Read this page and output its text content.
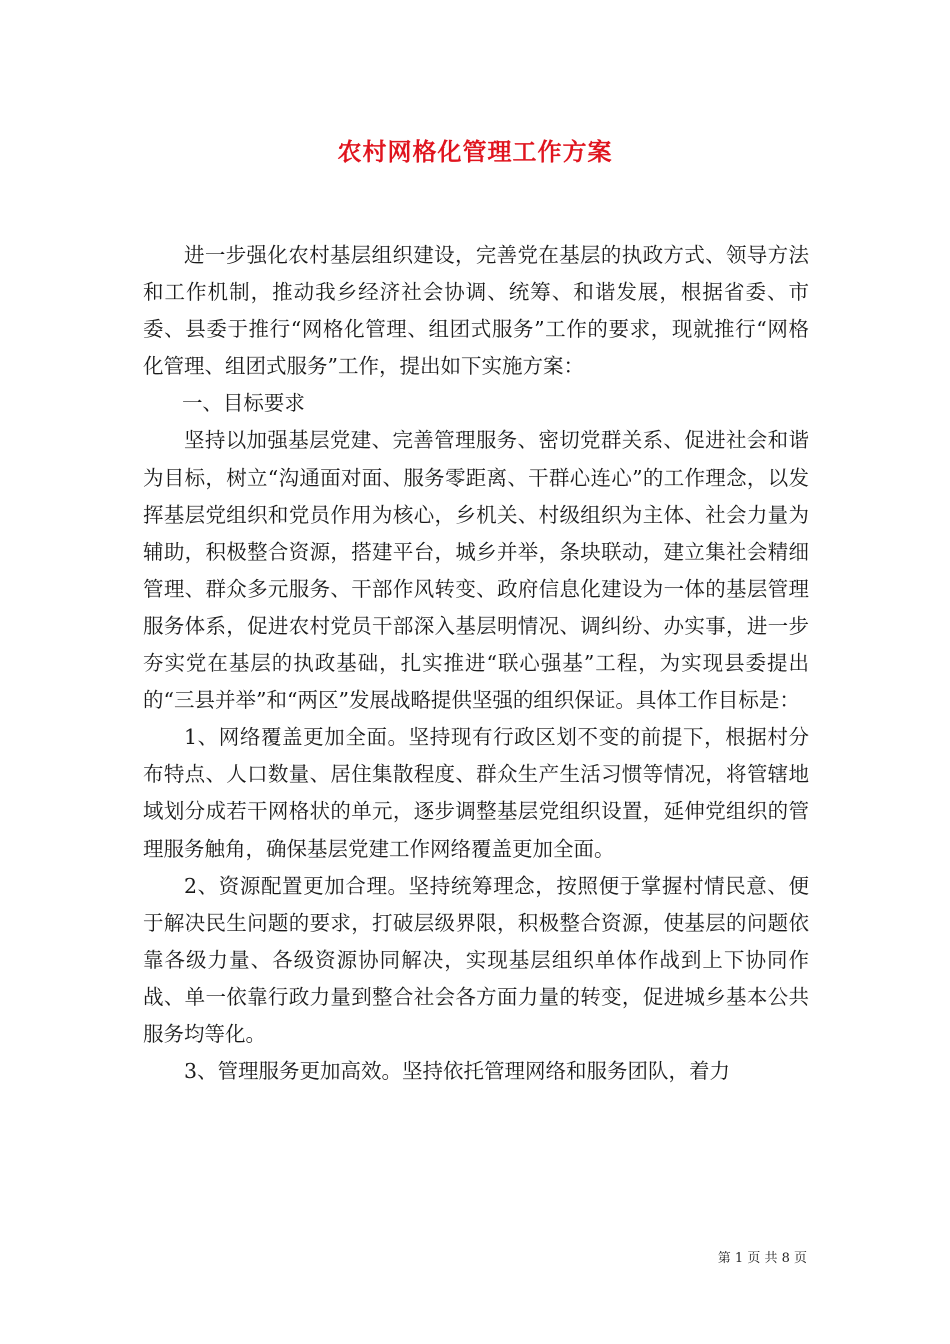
农村网格化管理工作方案

进一步强化农村基层组织建设，完善党在基层的执政方式、领导方法和工作机制，推动我乡经济社会协调、统筹、和谐发展，根据省委、市委、县委于推行“网格化管理、组团式服务”工作的要求，现就推行“网格化管理、组团式服务”工作，提出如下实施方案：

一、目标要求

坚持以加强基层党建、完善管理服务、密切党群关系、促进社会和谐为目标，树立“沟通面对面、服务零距离、干群心连心”的工作理念，以发挥基层党组织和党员作用为核心，乡机关、村级组织为主体、社会力量为辅助，积极整合资源，搭建平台，城乡并举，条块联动，建立集社会精细管理、群众多元服务、干部作风转变、政府信息化建设为一体的基层管理服务体系，促进农村党员干部深入基层明情况、调纠纷、办实事，进一步夯实党在基层的执政基础，扎实推进“联心强基”工程，为实现县委提出的“三县并举”和“两区”发展战略提供坚强的组织保证。具体工作目标是：

1、网络覆盖更加全面。坚持现有行政区划不变的前提下，根据村分布特点、人口数量、居住集散程度、群众生产生活习惯等情况，将管辖地域划分成若干网格状的单元，逐步调整基层党组织设置，延伸党组织的管理服务触角，确保基层党建工作网络覆盖更加全面。

2、资源配置更加合理。坚持统筹理念，按照便于掌握村情民意、便于解决民生问题的要求，打破层级界限，积极整合资源，使基层的问题依靠各级力量、各级资源协同解决，实现基层组织单体作战到上下协同作战、单一依靠行政力量到整合社会各方面力量的转变，促进城乡基本公共服务均等化。

3、管理服务更加高效。坚持依托管理网络和服务团队，着力

第 1 页 共 8 页
